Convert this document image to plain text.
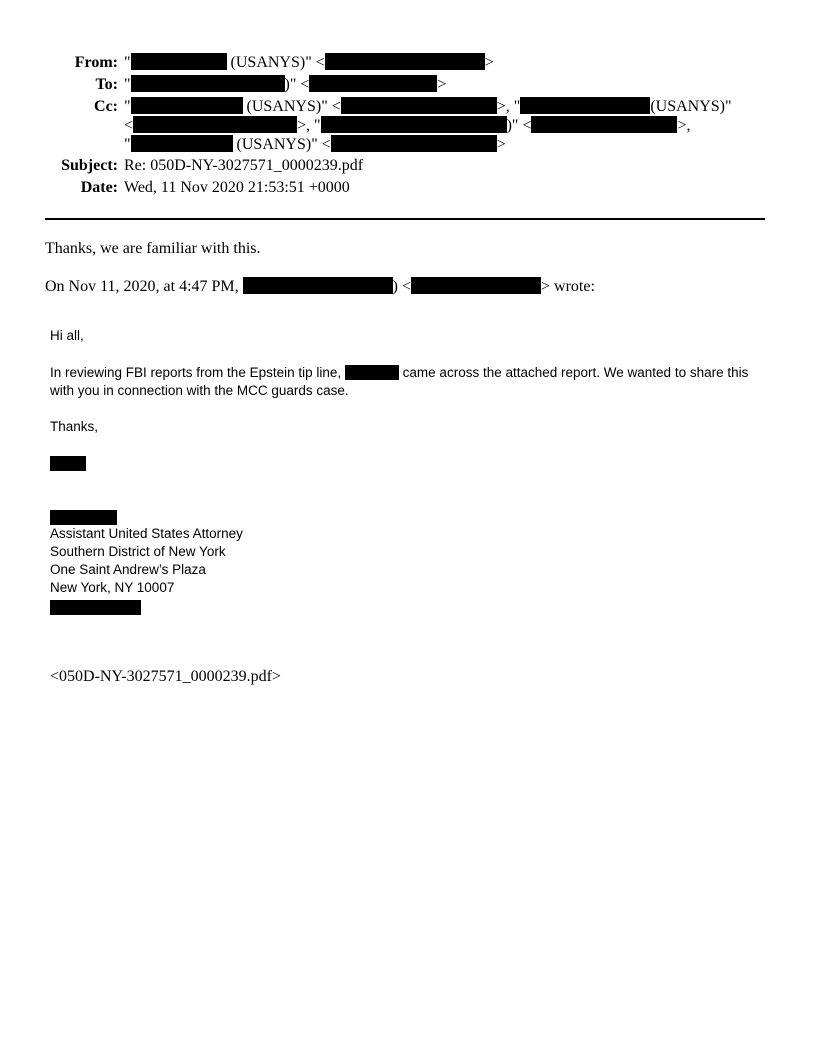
From: "	(USANYS)" <	>
To: "	)" <	>
Cc: "	(USANYS)" <	>, "	(USANYS)"
<	>, "	)" <	>,
"	(USANYS)" <	>
Subject: Re: 050D-NY-3027571_0000239.pdf
Date: Wed, 11 Nov 2020 21:53:51 +0000
Thanks, we are familiar with this.
On Nov 11, 2020, at 4:47 PM,	) <	> wrote:
Hi all,
In reviewing FBI reports from the Epstein tip line,	came across the attached report. We wanted to share this
with you in connection with the MCC guards case.
Thanks,
Assistant United States Attorney
Southern District of New York
One Saint Andrew’s Plaza
New York, NY 10007
<050D-NY-3027571_0000239.pdf>
